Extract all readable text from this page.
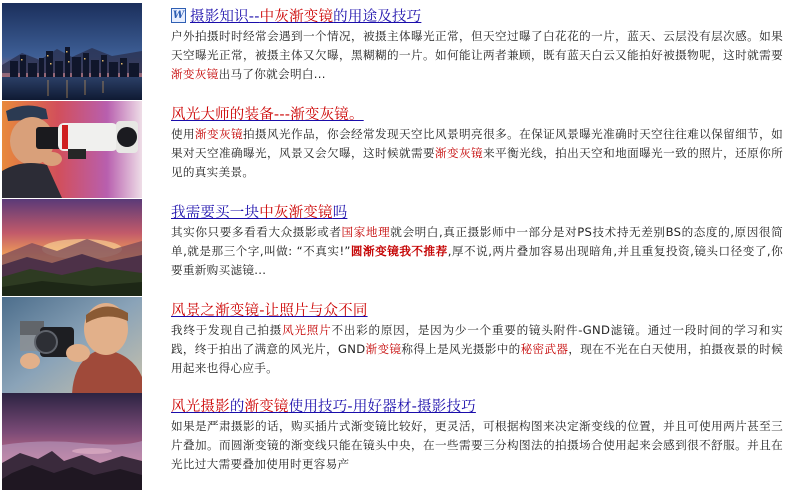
W 摄影知识--中灰渐变镜的用途及技巧

户外拍摄时时经常会遇到一个情况，被摄主体曝光正常，但天空过曝了白花花的一片，蓝天、云层没有层次感。如果天空曝光正常，被摄主体又欠曝，黑糊糊的一片。如何能让两者兼顾，既有蓝天白云又能拍好被摄物呢，这时就需要渐变灰镜出马了你就会明白...

风光大师的装备---渐变灰镜。

使用渐变灰镜拍摄风光作品，你会经常发现天空比风景明亮很多。在保证风景曝光准确时天空往往难以保留细节，如果对天空准确曝光，风景又会欠曝，这时候就需要渐变灰镜来平衡光线，拍出天空和地面曝光一致的照片，还原你所见的真实美景。

我需要买一块中灰渐变镜吗

其实你只要多看看大众摄影或者国家地理就会明白,真正摄影师中一部分是对PS技术持无差别BS的态度的,原因很简单,就是那三个字,叫做: “不真实!”圆渐变镜我不推荐,厚不说,两片叠加容易出现暗角,并且重复投资,镜头口径变了,你要重新购买滤镜...

风景之渐变镜-让照片与众不同

我终于发现自己拍摄风光照片不出彩的原因，是因为少一个重要的镜头附件-GND滤镜。通过一段时间的学习和实践，终于拍出了满意的风光片，GND渐变镜称得上是风光摄影中的秘密武器，现在不光在白天使用，拍摄夜景的时候用起来也得心应手。

风光摄影的渐变镜使用技巧-用好器材-摄影技巧

如果是严肃摄影的话，购买插片式渐变镜比较好，更灵活，可根据构图来决定渐变线的位置，并且可使用两片甚至三片叠加。而圆渐变镜的渐变线只能在镜头中央，在一些需要三分构图法的拍摄场合使用起来会感到很不舒服。并且在光比过大需要叠加使用时更容易产
